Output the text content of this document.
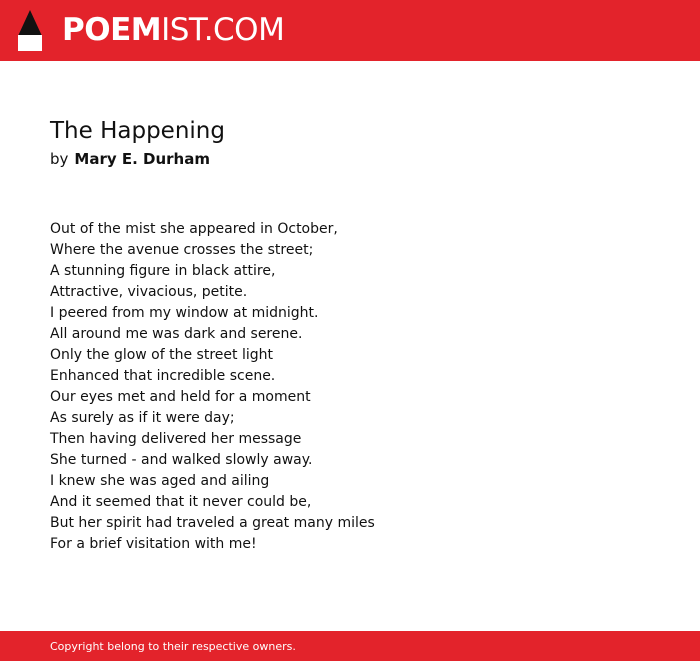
POEMIST.COM
The Happening
by Mary E. Durham
Out of the mist she appeared in October,
Where the avenue crosses the street;
A stunning figure in black attire,
Attractive, vivacious, petite.
I peered from my window at midnight.
All around me was dark and serene.
Only the glow of the street light
Enhanced that incredible scene.
Our eyes met and held for a moment
As surely as if it were day;
Then having delivered her message
She turned - and walked slowly away.
I knew she was aged and ailing
And it seemed that it never could be,
But her spirit had traveled a great many miles
For a brief visitation with me!
Copyright belong to their respective owners.
